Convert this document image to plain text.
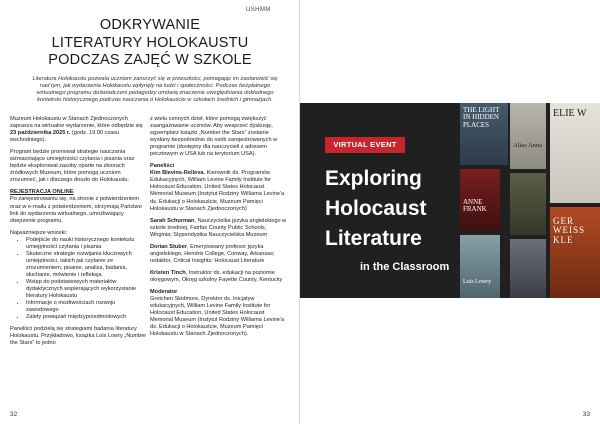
USHMM
ODKRYWANIE
LITERATURY HOLOKAUSTU
PODCZAS ZAJĘĆ W SZKOLE
Literatura Holokaustu pozwala uczniom zanurzyć się w przeszłości, pomagając im zastanowić się nad tym, jak wydarzenia Holokaustu wpłynęły na ludzi i społeczności. Podczas bezpłatnego wirtualnego programu doświadczeni pedagodzy omówią znaczenie uwzględniania dokładnego kontekstu historycznego podczas nauczania o Holokauście w szkołach średnich i gimnazjach.

Muzeum Holokaustu w Stanach Zjednoczonych zaprasza na wirtualne wydarzenie, które odbędzie się 23 października 2025 r. (godz. 19.00 czasu wschodniego).

Program będzie promował strategie nauczania wzmacniające umiejętności czytania i pisania oraz będzie eksplorował zasoby oparte na zbiorach źródłowych Muzeum, które pomogą uczniom zrozumieć, jak i dlaczego doszło do Holokaustu.

REJESTRACJA ONLINE

Po zarejestrowaniu się, na stronie z potwierdzeniem oraz w e-mailu z potwierdzeniem, otrzymają Państwo link do wydarzenia wirtualnego, umożliwiający obejrzenie programu.

Najważniejsze wnioski:

• Podejście do nauki historycznego kontekstu umiejętności czytania i pisania
• Skuteczne strategie rozwijania kluczowych umiejętności, takich jak czytanie ze zrozumieniem, pisanie, analiza, badania, słuchanie, mówienie i refleksja
• Wstęp do podstawowych materiałów dydaktycznych wspierających wykorzystanie literatury Holokaustu
• Informacje o możliwościach rozwoju zawodowego
• Zalety powiązań międzyprzedmiotowych

Paneliści podzielą się strategiami badania literatury Holokaustu. Przykładowo, książka Lois Lowry „Number the Stars” to jedno

z wielu cennych dzieł, które pomogą zwiększyć zaangażowanie uczniów. Aby wesprzeć dyskusję, egzemplarz książki „Number the Stars” zostanie wysłany bezpośrednio do osób zarejestrowanych w programie (dostępny dla nauczycieli z adresem pocztowym w USA lub na terytorium USA).

Paneliści

Kim Blevins-Relleva, Kierownik ds. Programów Edukacyjnych, William Levine Family Institute for Holocaust Education, United States Holocaust Memorial Museum (Instytut Rodziny Williama Levine'a ds. Edukacji o Holokauście, Muzeum Pamięci Holokaustu w Stanach Zjednoczonych)

Sarah Schurman, Nauczycielka języka angielskiego w szkole średniej, Fairfax County Public Schools, Wirginia; Stypendystka Nauczycielska Muzeum

Dorian Stuber, Emerytowany profesor języka angielskiego, Hendrix College, Conway, Arkansas; redaktor, Critical Insights: Holocaust Literature

Kristen Tinch, Instruktor ds. edukacji na poziomie okręgowym, Okręg szkolny Fayette County, Kentucky

Moderator

Gretchen Skidmore, Dyrektor ds. Inicjatyw edukacyjnych, William Levine Family Institute for Holocaust Education, United States Holocaust Memorial Museum (Instytut Rodziny Williama Levine'a ds. Edukacji o Holokauście, Muzeum Pamięci Holokaustu w Stanach Zjednoczonych).

32
VIRTUAL EVENT
Exploring
Holocaust
Literature
in the Classroom
THE LIGHT IN HIDDEN PLACES
ANNE FRANK
Lois Lowry
Alias Anna
ELIE W
GER WEISS KLE
33
